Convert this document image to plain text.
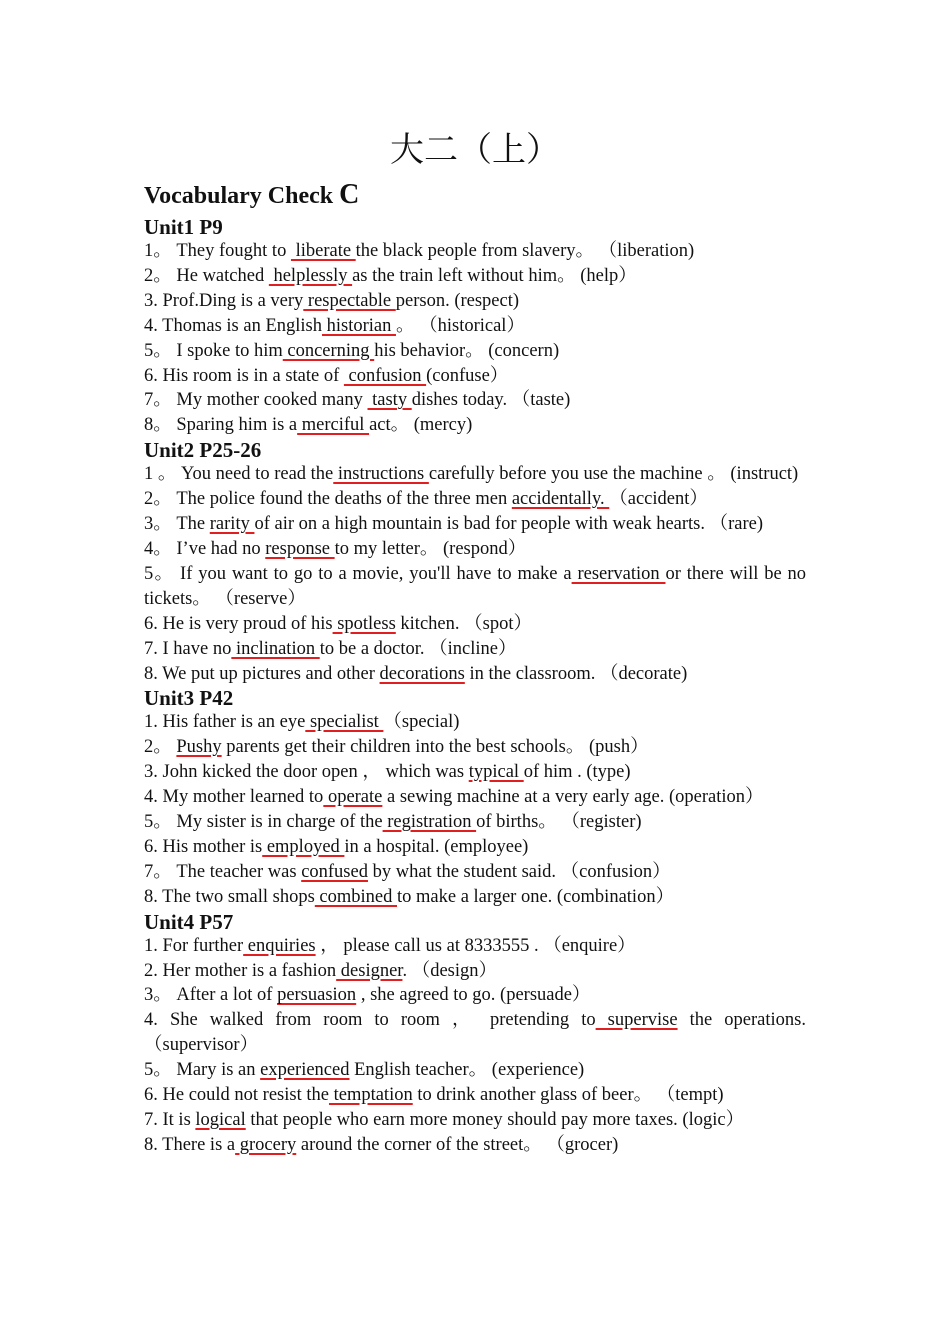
大二（上）
Vocabulary Check C
Unit1 P9
1。 They fought to  liberate the black people from slavery。 （liberation)
2。 He watched  helplessly as the train left without him。 (help）
3. Prof.Ding is a very respectable person. (respect)
4. Thomas is an English historian 。 （historical）
5。 I spoke to him concerning his behavior。 (concern)
6. His room is in a state of  confusion (confuse）
7。 My mother cooked many  tasty dishes today. （taste)
8。 Sparing him is a merciful act。 (mercy)
Unit2 P25-26
1 。 You need to read the instructions carefully before you use the machine 。 (instruct)
2。 The police found the deaths of the three men accidentally. （accident）
3。 The rarity of air on a high mountain is bad for people with weak hearts. （rare)
4。 I’ve had no response to my letter。 (respond）
5。 If you want to go to a movie, you'll have to make a reservation or there will be no tickets。 （reserve）
6. He is very proud of his spotless kitchen. （spot）
7. I have no inclination to be a doctor. （incline）
8. We put up pictures and other decorations in the classroom. （decorate)
Unit3 P42
1. His father is an eye specialist （special)
2。 Pushy parents get their children into the best schools。 (push）
3. John kicked the door open ， which was typical of him . (type)
4. My mother learned to operate a sewing machine at a very early age. (operation）
5。 My sister is in charge of the registration of births。 （register)
6. His mother is employed in a hospital. (employee)
7。 The teacher was confused by what the student said. （confusion）
8. The two small shops combined to make a larger one. (combination）
Unit4 P57
1. For further enquiries ， please call us at 8333555 . （enquire）
2. Her mother is a fashion designer. （design）
3。 After a lot of persuasion , she agreed to go. (persuade）
4. She walked from room to room ， pretending to supervise the operations. （supervisor）
5。 Mary is an experienced English teacher。 (experience)
6. He could not resist the temptation to drink another glass of beer。 （tempt)
7. It is logical that people who earn more money should pay more taxes. (logic）
8. There is a grocery around the corner of the street。 （grocer)
